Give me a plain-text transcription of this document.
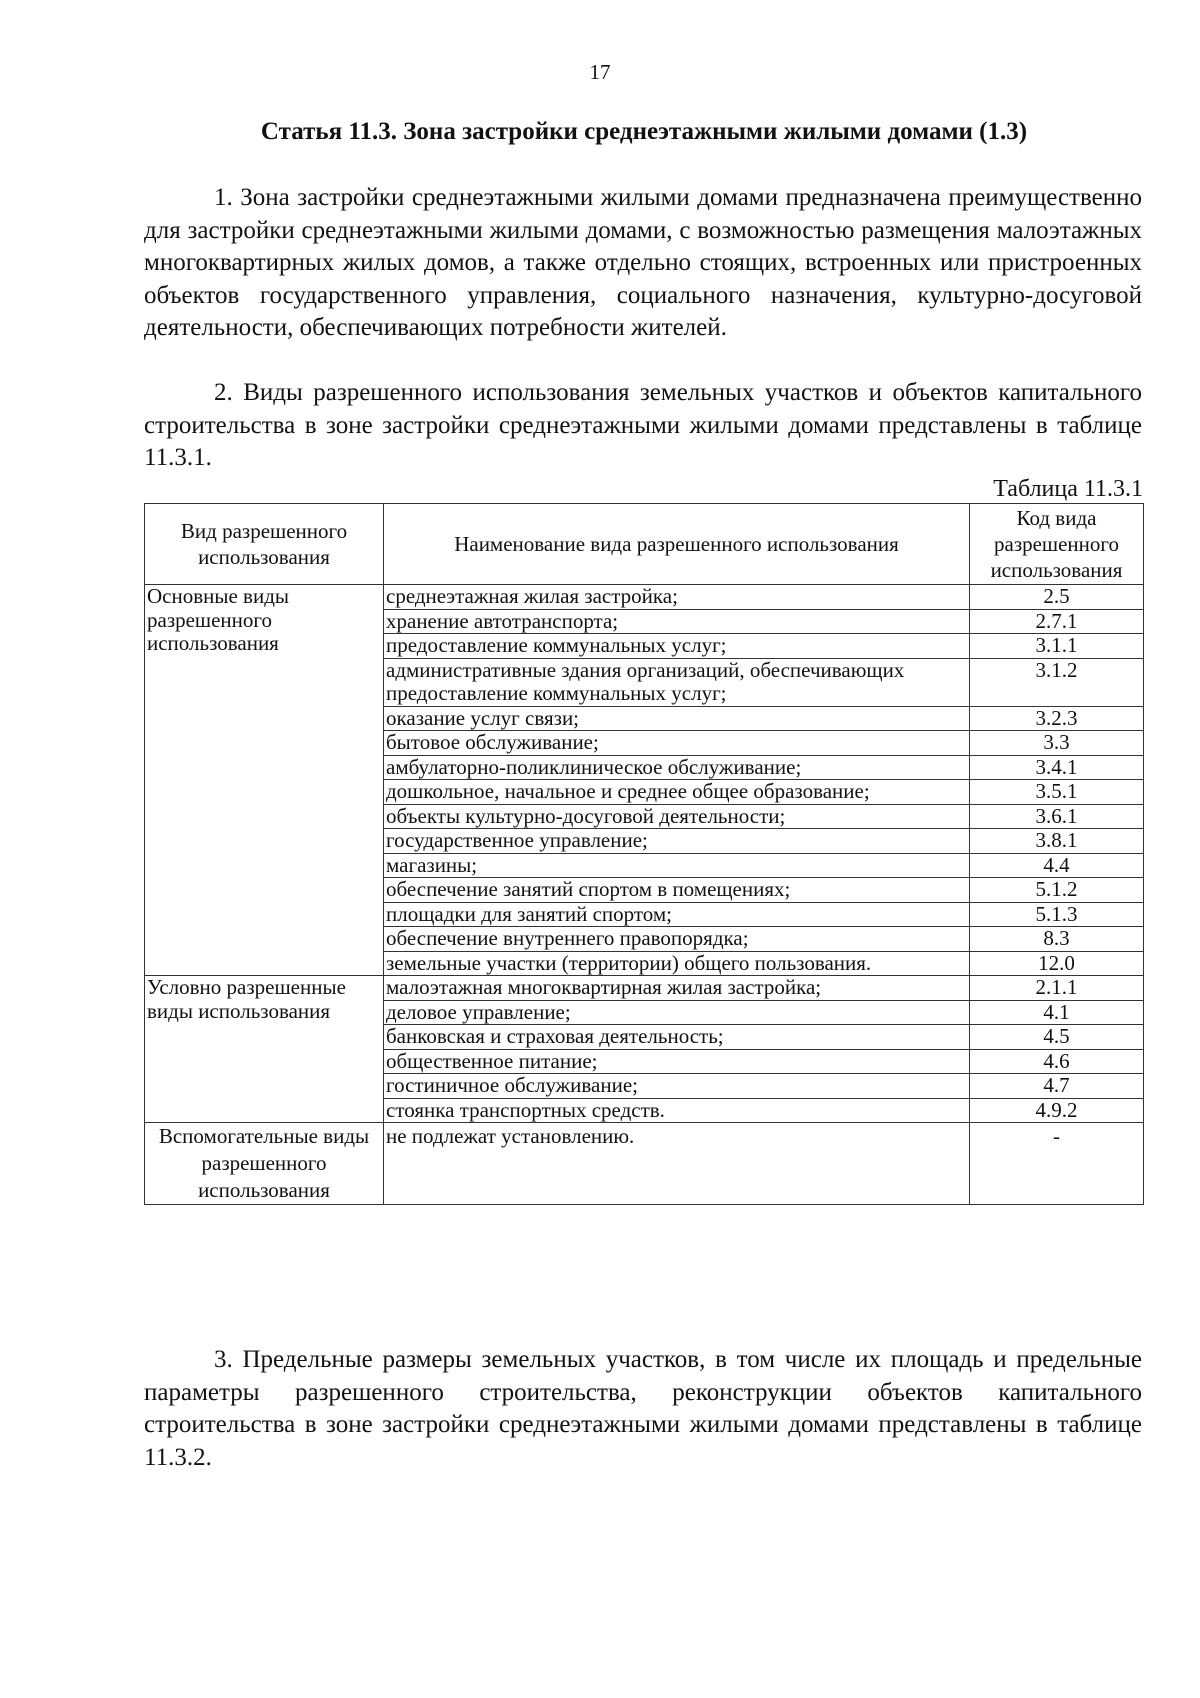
17
Статья 11.3. Зона застройки среднеэтажными жилыми домами (1.3)

1. Зона застройки среднеэтажными жилыми домами предназначена преимущественно для застройки среднеэтажными жилыми домами, с возможностью размещения малоэтажных многоквартирных жилых домов, а также отдельно стоящих, встроенных или пристроенных объектов государственного управления, социального назначения, культурно-досуговой деятельности, обеспечивающих потребности жителей.

2. Виды разрешенного использования земельных участков и объектов капитального строительства в зоне застройки среднеэтажными жилыми домами представлены в таблице 11.3.1.

Таблица 11.3.1
Вид разрешенного использования	Наименование вида разрешенного использования	Код вида разрешенного использования
Основные виды разрешенного использования	среднеэтажная жилая застройка;	2.5
	хранение автотранспорта;	2.7.1
	предоставление коммунальных услуг;	3.1.1
	административные здания организаций, обеспечивающих предоставление коммунальных услуг;	3.1.2
	оказание услуг связи;	3.2.3
	бытовое обслуживание;	3.3
	амбулаторно-поликлиническое обслуживание;	3.4.1
	дошкольное, начальное и среднее общее образование;	3.5.1
	объекты культурно-досуговой деятельности;	3.6.1
	государственное управление;	3.8.1
	магазины;	4.4
	обеспечение занятий спортом в помещениях;	5.1.2
	площадки для занятий спортом;	5.1.3
	обеспечение внутреннего правопорядка;	8.3
	земельные участки (территории) общего пользования.	12.0
Условно разрешенные виды использования	малоэтажная многоквартирная жилая застройка;	2.1.1
	деловое управление;	4.1
	банковская и страховая деятельность;	4.5
	общественное питание;	4.6
	гостиничное обслуживание;	4.7
	стоянка транспортных средств.	4.9.2
Вспомогательные виды разрешенного использования	не подлежат установлению.	-

3. Предельные размеры земельных участков, в том числе их площадь и предельные параметры разрешенного строительства, реконструкции объектов капитального строительства в зоне застройки среднеэтажными жилыми домами представлены в таблице 11.3.2.
